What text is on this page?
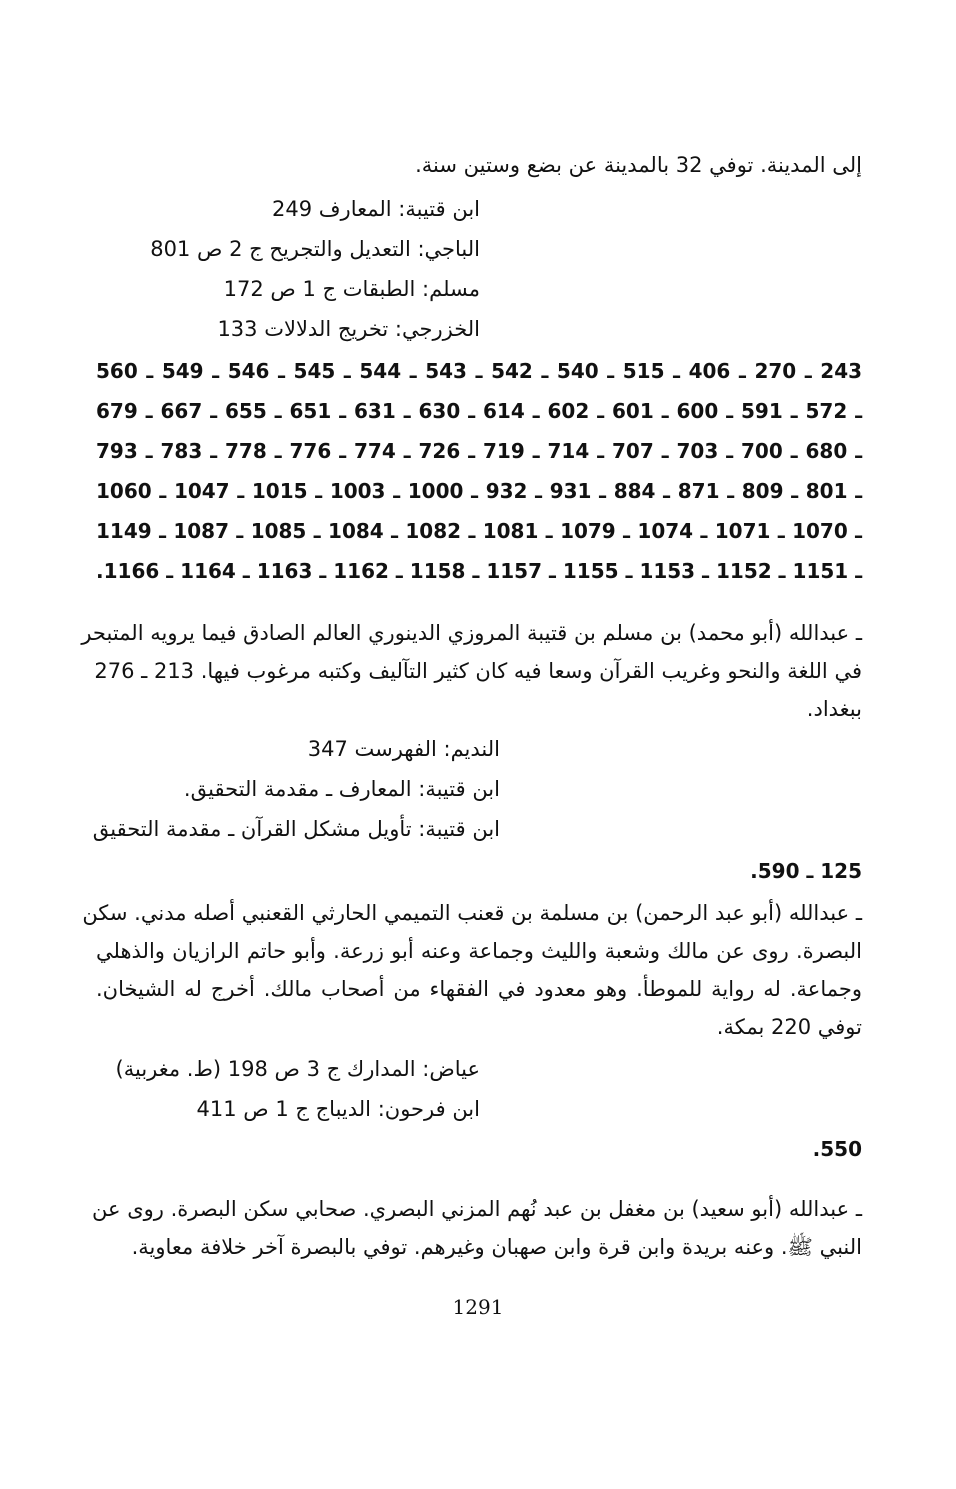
إلى المدينة. توفي 32 بالمدينة عن بضع وستين سنة.
ابن قتيبة: المعارف 249
الباجي: التعديل والتجريح ج 2 ص 801
مسلم: الطبقات ج 1 ص 172
الخزرجي: تخريج الدلالات 133
243 ـ 270 ـ 406 ـ 515 ـ 540 ـ 542 ـ 543 ـ 544 ـ 545 ـ 546 ـ 549 ـ 560
ـ 572 ـ 591 ـ 600 ـ 601 ـ 602 ـ 614 ـ 630 ـ 631 ـ 651 ـ 655 ـ 667 ـ 679
ـ 680 ـ 700 ـ 703 ـ 707 ـ 714 ـ 719 ـ 726 ـ 774 ـ 776 ـ 778 ـ 783 ـ 793
ـ 801 ـ 809 ـ 871 ـ 884 ـ 931 ـ 932 ـ 1000 ـ 1003 ـ 1015 ـ 1047 ـ 1060
ـ 1070 ـ 1071 ـ 1074 ـ 1079 ـ 1081 ـ 1082 ـ 1084 ـ 1085 ـ 1087 ـ 1149
ـ 1151 ـ 1152 ـ 1153 ـ 1155 ـ 1157 ـ 1158 ـ 1162 ـ 1163 ـ 1164 ـ 1166.
ـ عبدالله (أبو محمد) بن مسلم بن قتيبة المروزي الدينوري العالم الصادق فيما يرويه المتبحر
في اللغة والنحو وغريب القرآن وسعا فيه كان كثير التآليف وكتبه مرغوب فيها. 213 ـ 276
ببغداد.
النديم: الفهرست 347
ابن قتيبة: المعارف ـ مقدمة التحقيق.
ابن قتيبة: تأويل مشكل القرآن ـ مقدمة التحقيق
125 ـ 590.
ـ عبدالله (أبو عبد الرحمن) بن مسلمة بن قعنب التميمي الحارثي القعنبي أصله مدني. سكن
البصرة. روى عن مالك وشعبة والليث وجماعة وعنه أبو زرعة. وأبو حاتم الرازيان والذهلي
وجماعة. له رواية للموطأ. وهو معدود في الفقهاء من أصحاب مالك. أخرج له الشيخان.
توفي 220 بمكة.
عياض: المدارك ج 3 ص 198 (ط. مغربية)
ابن فرحون: الديباج ج 1 ص 411
550.
ـ عبدالله (أبو سعيد) بن مغفل بن عبد نُهم المزني البصري. صحابي سكن البصرة. روى عن
النبي ﷺ. وعنه بريدة وابن قرة وابن صهبان وغيرهم. توفي بالبصرة آخر خلافة معاوية.
1291
